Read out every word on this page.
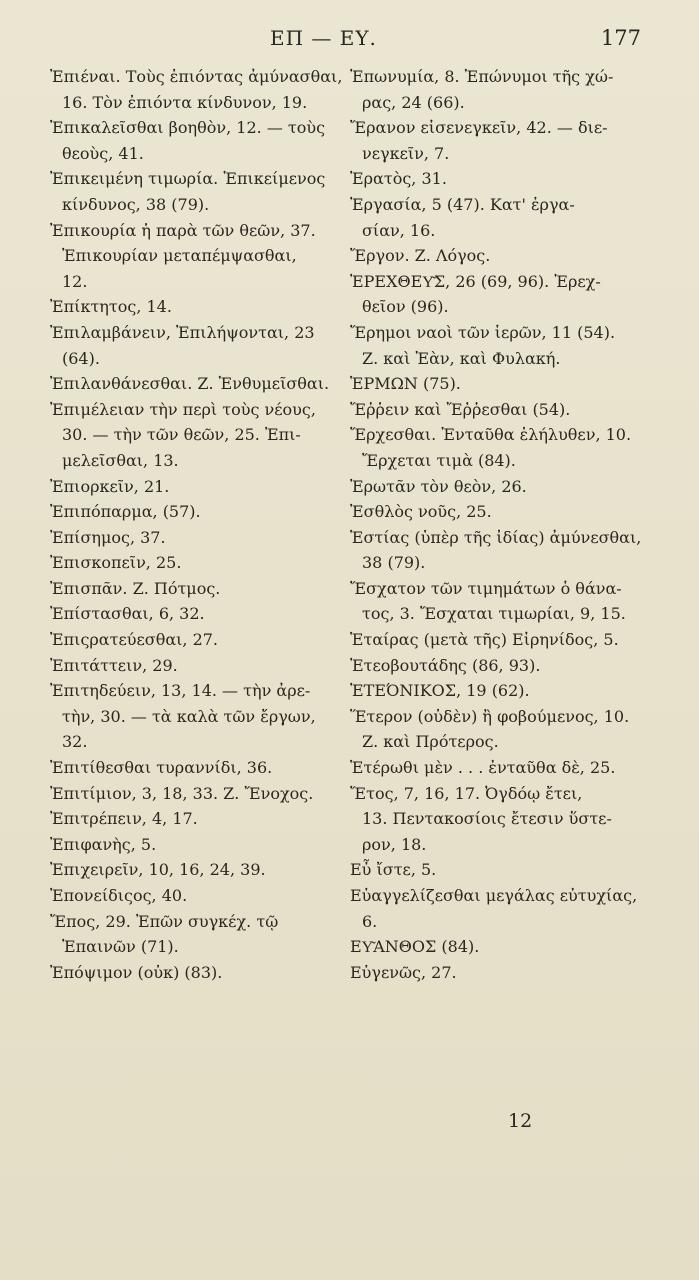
ΕΠ — ΕΥ.	177
Ἐπιέναι. Τοὺς ἐπιόντας ἀμύνασθαι,
16. Τὸν ἐπιόντα κίνδυνον, 19.
Ἐπικαλεῖσθαι βοηθὸν, 12. — τοὺς
θεοὺς, 41.
Ἐπικειμένη τιμωρία. Ἐπικείμενος
κίνδυνος, 38 (79).
Ἐπικουρία ἡ παρὰ τῶν θεῶν, 37.
Ἐπικουρίαν μεταπέμψασθαι,
12.
Ἐπίκτητος, 14.
Ἐπιλαμβάνειν, Ἐπιλήψονται, 23
(64).
Ἐπιλανθάνεσθαι. Ζ. Ἐνθυμεῖσθαι.
Ἐπιμέλειαν τὴν περὶ τοὺς νέους,
30. — τὴν τῶν θεῶν, 25. Ἐπι-
μελεῖσθαι, 13.
Ἐπιορκεῖν, 21.
Ἐπιπόπαρμα, (57).
Ἐπίσημος, 37.
Ἐπισκοπεῖν, 25.
Ἐπισπᾶν. Ζ. Πότμος.
Ἐπίστασθαι, 6, 32.
Ἐπιςρατεύεσθαι, 27.
Ἐπιτάττειν, 29.
Ἐπιτηδεύειν, 13, 14. — τὴν ἀρε-
τὴν, 30. — τὰ καλὰ τῶν ἔργων,
32.
Ἐπιτίθεσθαι τυραννίδι, 36.
Ἐπιτίμιον, 3, 18, 33. Ζ. Ἔνοχος.
Ἐπιτρέπειν, 4, 17.
Ἐπιφανὴς, 5.
Ἐπιχειρεῖν, 10, 16, 24, 39.
Ἐπονείδιςος, 40.
Ἔπος, 29. Ἐπῶν συγκέχ. τῷ
Ἐπαινῶν (71).
Ἐπόψιμον (οὐκ) (83).
Ἐπωνυμία, 8. Ἐπώνυμοι τῆς χώ-
ρας, 24 (66).
Ἔρανον εἰσενεγκεῖν, 42. — διε-
νεγκεῖν, 7.
Ἐρατὸς, 31.
Ἐργασία, 5 (47). Κατ' ἐργα-
σίαν, 16.
Ἔργον. Ζ. Λόγος.
ἘΡΕΧΘΕΥ͂Σ, 26 (69, 96). Ἐρεχ-
θεῖον (96).
Ἔρημοι ναοὶ τῶν ἱερῶν, 11 (54).
Ζ. καὶ Ἐὰν, καὶ Φυλακή.
ἙΡΜΩΝ (75).
Ἔῤῥειν καὶ Ἔῤῥεσθαι (54).
Ἔρχεσθαι. Ἐνταῦθα ἐλήλυθεν, 10.
Ἔρχεται τιμὰ (84).
Ἐρωτᾶν τὸν θεὸν, 26.
Ἐσθλὸς νοῦς, 25.
Ἑστίας (ὑπὲρ τῆς ἰδίας) ἀμύνεσθαι,
38 (79).
Ἔσχατον τῶν τιμημάτων ὁ θάνα-
τος, 3. Ἔσχαται τιμωρίαι, 9, 15.
Ἑταίρας (μετὰ τῆς) Εἰρηνίδος, 5.
Ἐτεοβουτάδης (86, 93).
ἘΤΕΌΝΙΚΟΣ, 19 (62).
Ἕτερον (οὐδὲν) ἢ φοβούμενος, 10.
Ζ. καὶ Πρότερος.
Ἑτέρωθι μὲν . . . ἐνταῦθα δὲ, 25.
Ἔτος, 7, 16, 17. Ὀγδόῳ ἔτει,
13. Πεντακοσίοις ἔτεσιν ὕστε-
ρον, 18.
Εὖ ἴστε, 5.
Εὐαγγελίζεσθαι μεγάλας εὐτυχίας,
6.
ΕΥ͂ΑΝΘΟΣ (84).
Εὐγενῶς, 27.
12
